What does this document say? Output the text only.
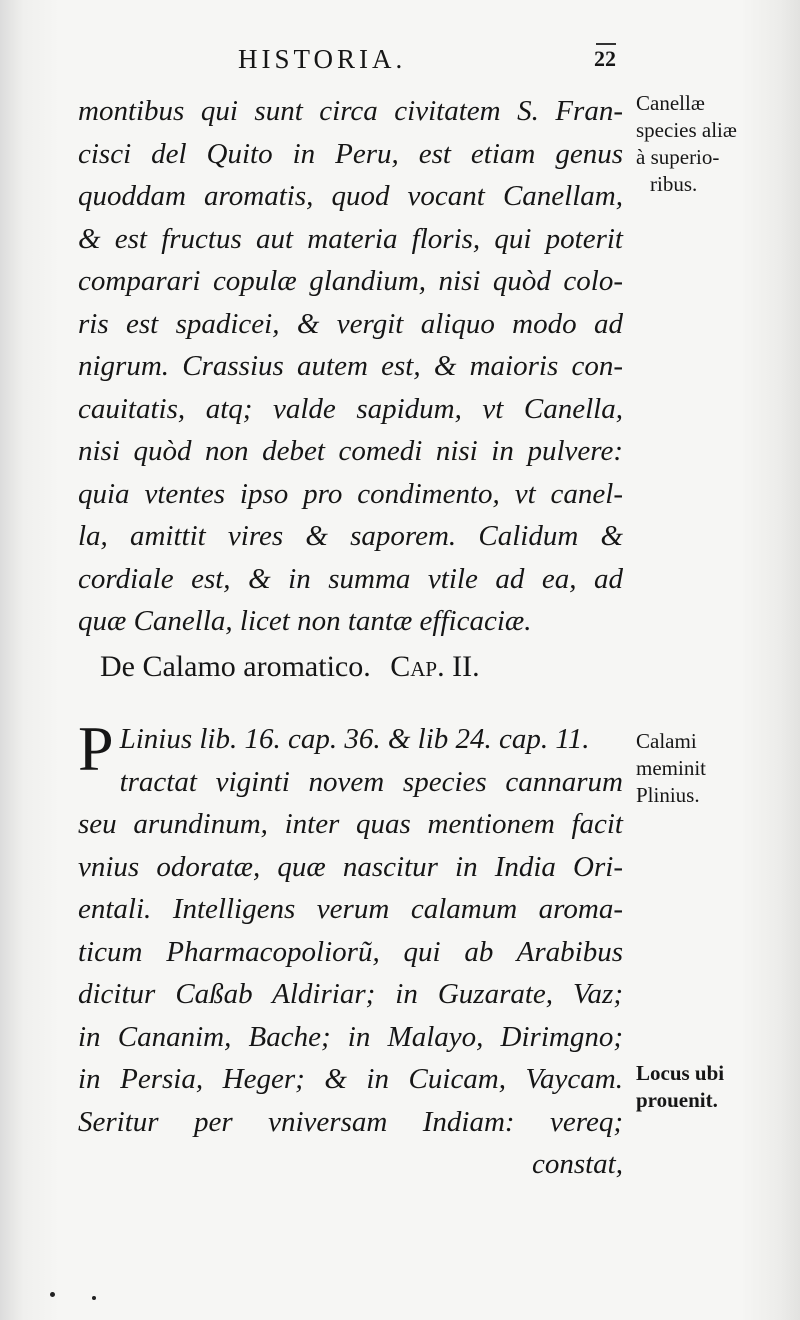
HISTORIA.	22
montibus qui sunt circa civitatem S. Fran-
cisci del Quito in Peru, est etiam genus
quoddam aromatis, quod vocant Canellam,
& est fructus aut materia floris, qui poterit
comparari copulæ glandium, nisi quòd colo-
ris est spadicei, & vergit aliquo modo ad
nigrum. Crassius autem est, & maioris con-
cauitatis, atq; valde sapidum, vt Canella,
nisi quòd non debet comedi nisi in pulvere:
quia vtentes ipso pro condimento, vt canel-
la, amittit vires & saporem. Calidum &
cordiale est, & in summa vtile ad ea, ad
quæ Canella, licet non tantæ efficaciæ.
De Calamo aromatico. Cap. II.
P Linius lib. 16. cap. 36. & lib 24. cap. 11.
tractat viginti novem species cannarum
seu arundinum, inter quas mentionem facit
vnius odoratæ, quæ nascitur in India Ori-
entali. Intelligens verum calamum aroma-
ticum Pharmacopoliorũ, qui ab Arabibus
dicitur Caßab Aldiriar; in Guzarate, Vaz;
in Cananim, Bache; in Malayo, Dirimgno;
in Persia, Heger; & in Cuicam, Vaycam.
Seritur per vniversam Indiam: vereq;
constat,
Canellæ
species aliæ
à superio-
ribus.
Calami
meminit
Plinius.
Locus ubi
prouenit.
